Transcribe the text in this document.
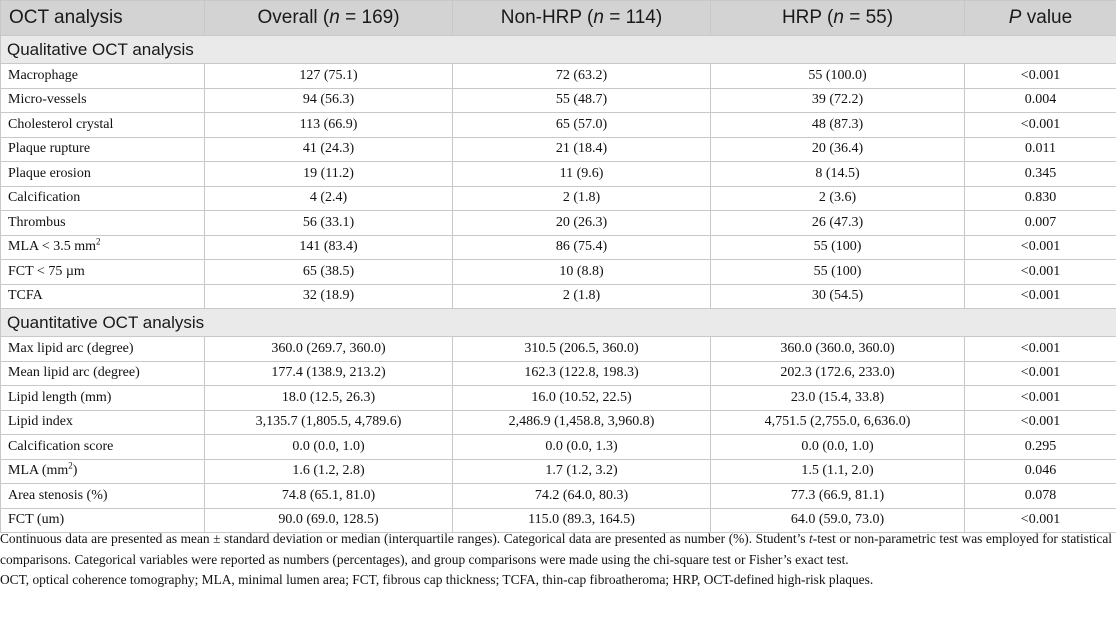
OCT analysis	Overall (n = 169)	Non-HRP (n = 114)	HRP (n = 55)	P value
Qualitative OCT analysis				
Macrophage	127 (75.1)	72 (63.2)	55 (100.0)	<0.001
Micro-vessels	94 (56.3)	55 (48.7)	39 (72.2)	0.004
Cholesterol crystal	113 (66.9)	65 (57.0)	48 (87.3)	<0.001
Plaque rupture	41 (24.3)	21 (18.4)	20 (36.4)	0.011
Plaque erosion	19 (11.2)	11 (9.6)	8 (14.5)	0.345
Calcification	4 (2.4)	2 (1.8)	2 (3.6)	0.830
Thrombus	56 (33.1)	20 (26.3)	26 (47.3)	0.007
MLA < 3.5 $mm^2$	141 (83.4)	86 (75.4)	55 (100)	<0.001
FCT < 75 µm	65 (38.5)	10 (8.8)	55 (100)	<0.001
TCFA	32 (18.9)	2 (1.8)	30 (54.5)	<0.001
Quantitative OCT analysis				
Max lipid arc (degree)	360.0 (269.7, 360.0)	310.5 (206.5, 360.0)	360.0 (360.0, 360.0)	<0.001
Mean lipid arc (degree)	177.4 (138.9, 213.2)	162.3 (122.8, 198.3)	202.3 (172.6, 233.0)	<0.001
Lipid length (mm)	18.0 (12.5, 26.3)	16.0 (10.52, 22.5)	23.0 (15.4, 33.8)	<0.001
Lipid index	3,135.7 (1,805.5, 4,789.6)	2,486.9 (1,458.8, 3,960.8)	4,751.5 (2,755.0, 6,636.0)	<0.001
Calcification score	0.0 (0.0, 1.0)	0.0 (0.0, 1.3)	0.0 (0.0, 1.0)	0.295
MLA $(mm^2)$	1.6 (1.2, 2.8)	1.7 (1.2, 3.2)	1.5 (1.1, 2.0)	0.046
Area stenosis (%)	74.8 (65.1, 81.0)	74.2 (64.0, 80.3)	77.3 (66.9, 81.1)	0.078
FCT (um)	90.0 (69.0, 128.5)	115.0 (89.3, 164.5)	64.0 (59.0, 73.0)	<0.001

Continuous data are presented as mean ± standard deviation or median (interquartile ranges). Categorical data are presented as number (%). Student’s t-test or non-parametric test was employed for statistical comparisons. Categorical variables were reported as numbers (percentages), and group comparisons were made using the chi-square test or Fisher’s exact test.

OCT, optical coherence tomography; MLA, minimal lumen area; FCT, fibrous cap thickness; TCFA, thin-cap fibroatheroma; HRP, OCT-defined high-risk plaques.
